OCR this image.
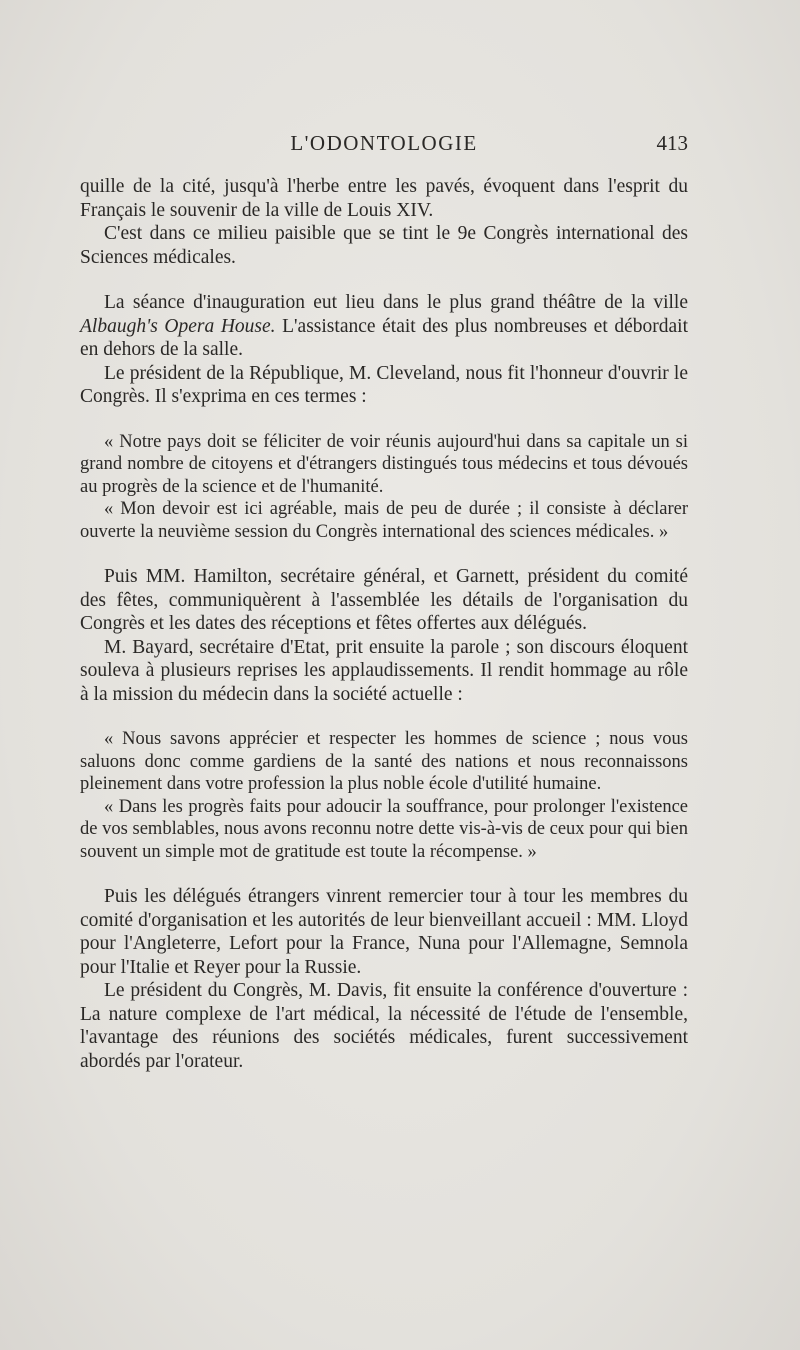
L'ODONTOLOGIE	413

quille de la cité, jusqu'à l'herbe entre les pavés, évoquent dans l'esprit du Français le souvenir de la ville de Louis XIV.

C'est dans ce milieu paisible que se tint le 9e Congrès international des Sciences médicales.

La séance d'inauguration eut lieu dans le plus grand théâtre de la ville Albaugh's Opera House. L'assistance était des plus nombreuses et débordait en dehors de la salle.

Le président de la République, M. Cleveland, nous fit l'honneur d'ouvrir le Congrès. Il s'exprima en ces termes :

« Notre pays doit se féliciter de voir réunis aujourd'hui dans sa capitale un si grand nombre de citoyens et d'étrangers distingués tous médecins et tous dévoués au progrès de la science et de l'humanité.

« Mon devoir est ici agréable, mais de peu de durée ; il consiste à déclarer ouverte la neuvième session du Congrès international des sciences médicales. »

Puis MM. Hamilton, secrétaire général, et Garnett, président du comité des fêtes, communiquèrent à l'assemblée les détails de l'organisation du Congrès et les dates des réceptions et fêtes offertes aux délégués.

M. Bayard, secrétaire d'Etat, prit ensuite la parole ; son discours éloquent souleva à plusieurs reprises les applaudissements. Il rendit hommage au rôle à la mission du médecin dans la société actuelle :

« Nous savons apprécier et respecter les hommes de science ; nous vous saluons donc comme gardiens de la santé des nations et nous reconnaissons pleinement dans votre profession la plus noble école d'utilité humaine.

« Dans les progrès faits pour adoucir la souffrance, pour prolonger l'existence de vos semblables, nous avons reconnu notre dette vis-à-vis de ceux pour qui bien souvent un simple mot de gratitude est toute la récompense. »

Puis les délégués étrangers vinrent remercier tour à tour les membres du comité d'organisation et les autorités de leur bienveillant accueil : MM. Lloyd pour l'Angleterre, Lefort pour la France, Nuna pour l'Allemagne, Semnola pour l'Italie et Reyer pour la Russie.

Le président du Congrès, M. Davis, fit ensuite la conférence d'ouverture : La nature complexe de l'art médical, la nécessité de l'étude de l'ensemble, l'avantage des réunions des sociétés médicales, furent successivement abordés par l'orateur.
